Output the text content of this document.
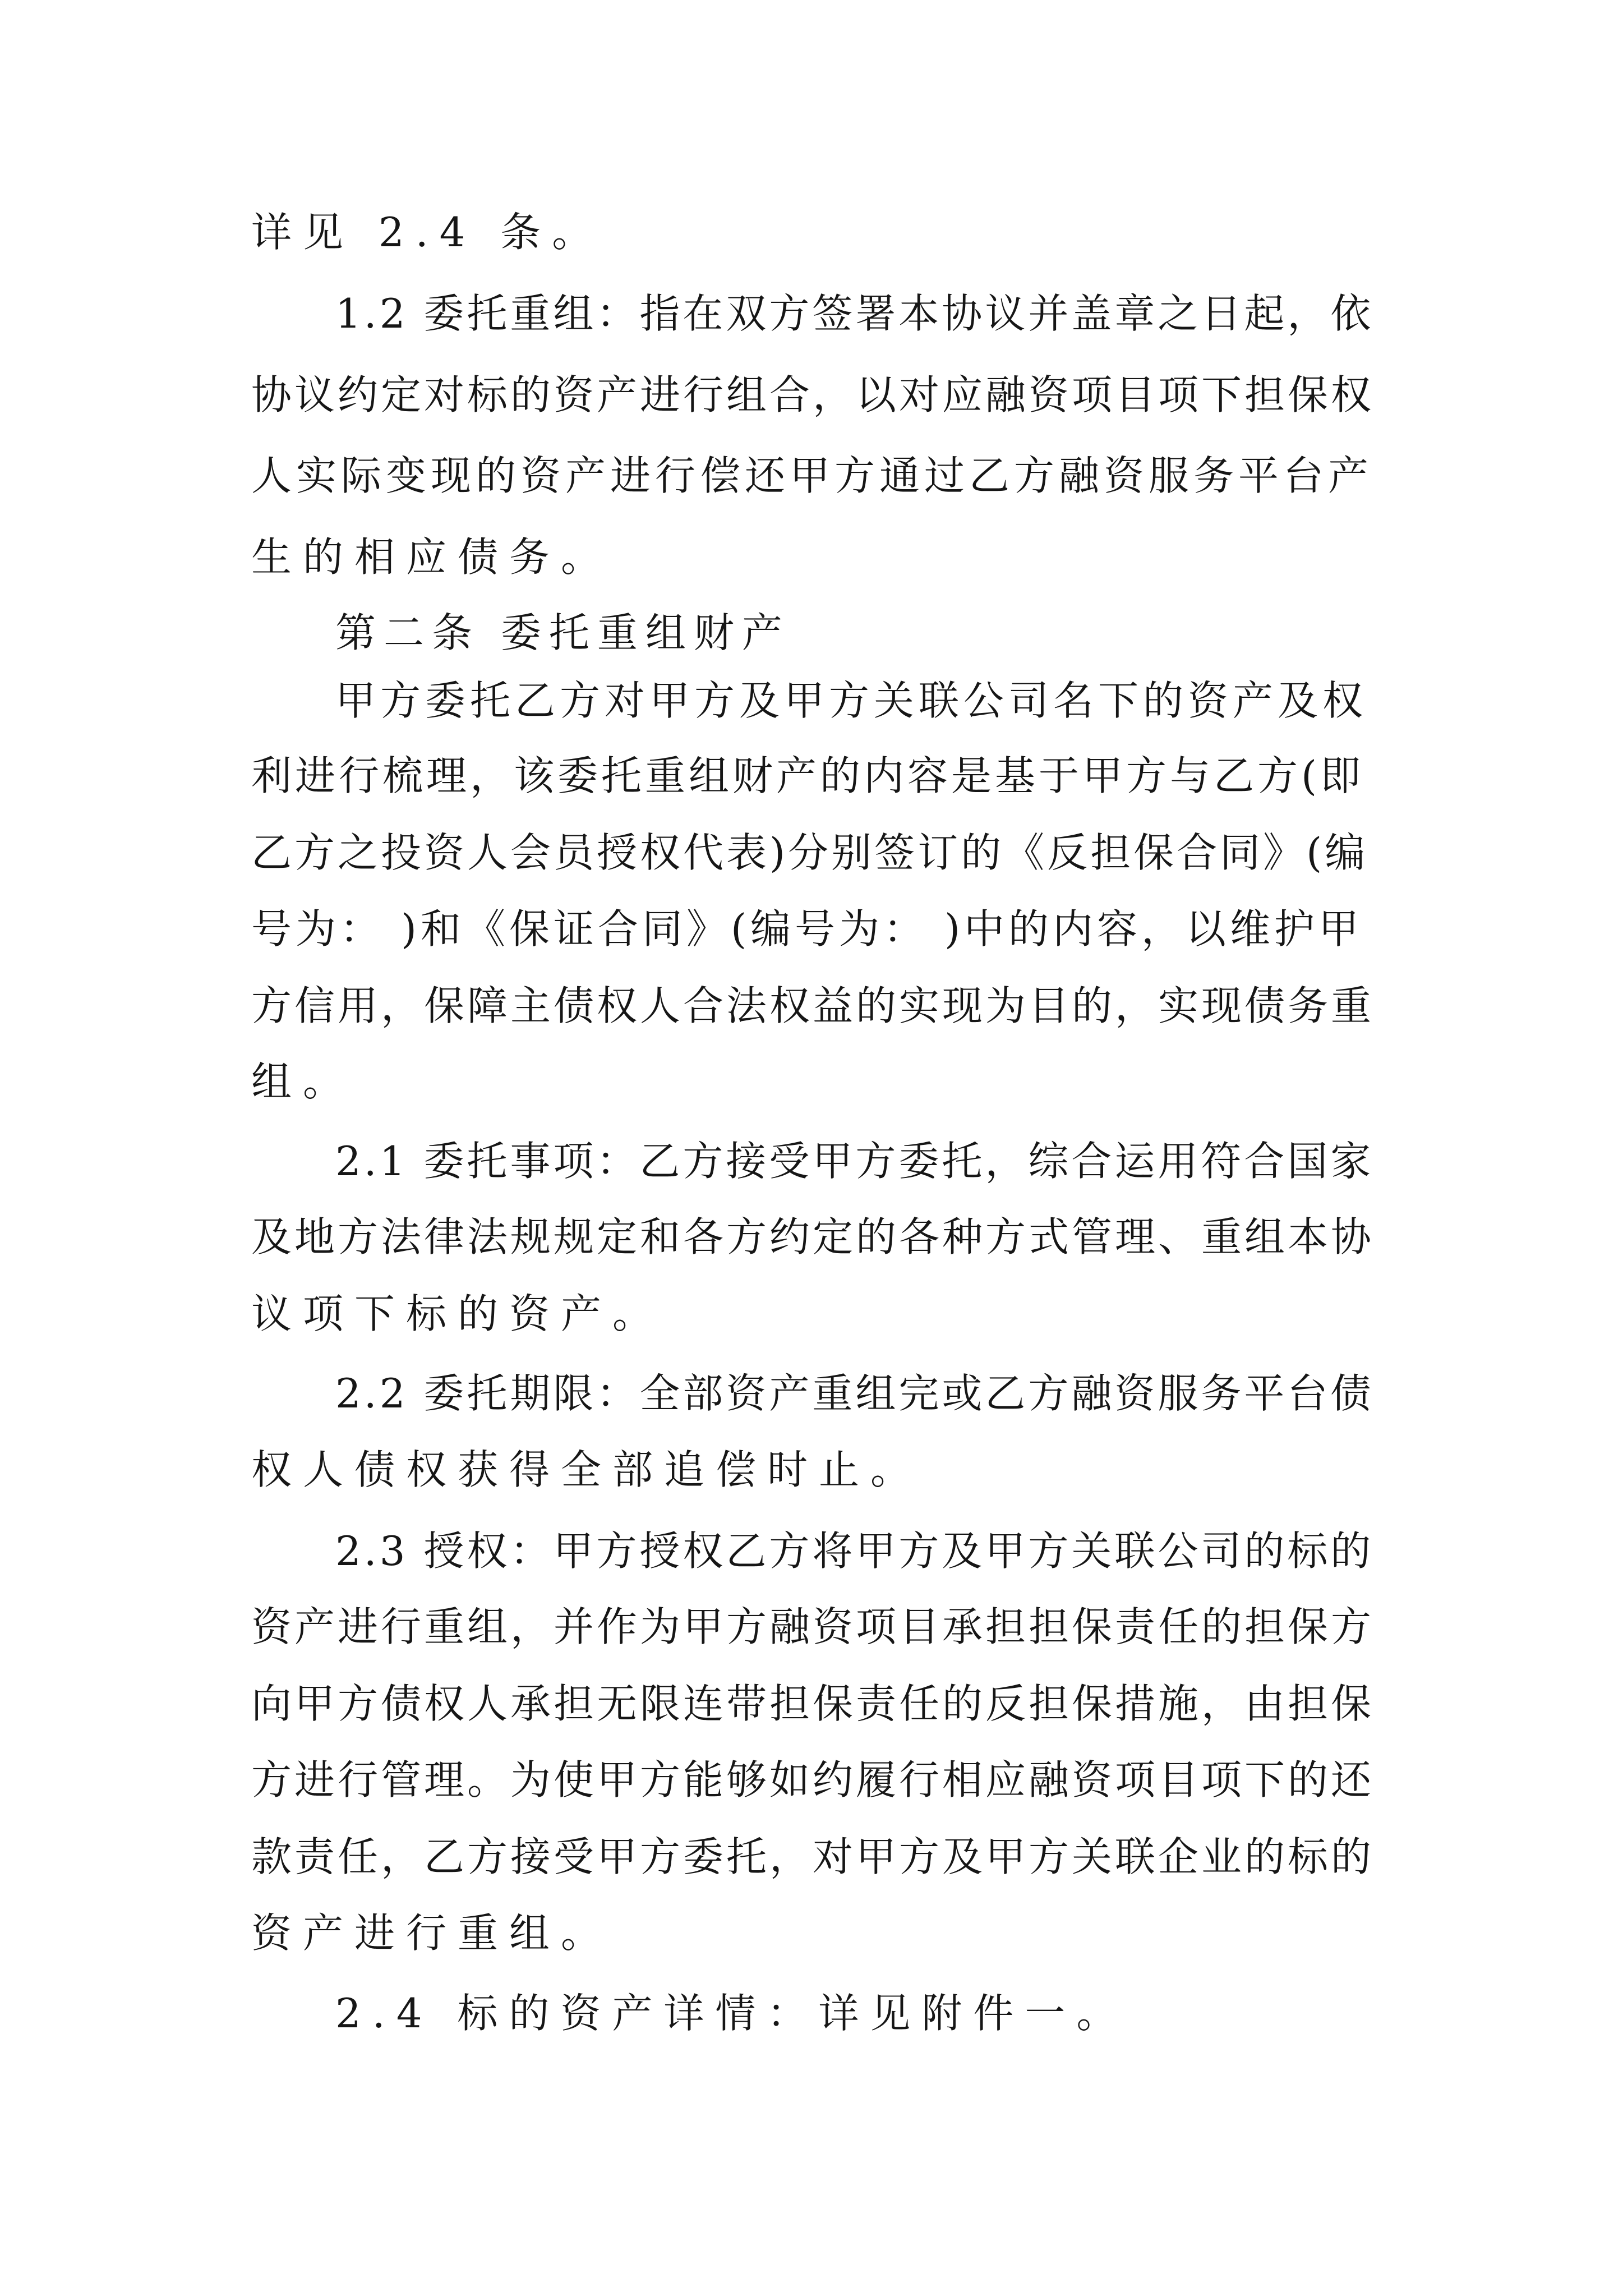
详见 2.4 条。

1.2 委托重组：指在双方签署本协议并盖章之日起，依

协议约定对标的资产进行组合，以对应融资项目项下担保权

人实际变现的资产进行偿还甲方通过乙方融资服务平台产

生的相应债务。

第二条 委托重组财产

甲方委托乙方对甲方及甲方关联公司名下的资产及权

利进行梳理，该委托重组财产的内容是基于甲方与乙方(即

乙方之投资人会员授权代表)分别签订的《反担保合同》(编

号为： )和《保证合同》(编号为： )中的内容，以维护甲

方信用，保障主债权人合法权益的实现为目的，实现债务重

组。

2.1 委托事项：乙方接受甲方委托，综合运用符合国家

及地方法律法规规定和各方约定的各种方式管理、重组本协

议项下标的资产。

2.2 委托期限：全部资产重组完或乙方融资服务平台债

权人债权获得全部追偿时止。

2.3 授权：甲方授权乙方将甲方及甲方关联公司的标的

资产进行重组，并作为甲方融资项目承担担保责任的担保方

向甲方债权人承担无限连带担保责任的反担保措施，由担保

方进行管理。为使甲方能够如约履行相应融资项目项下的还

款责任，乙方接受甲方委托，对甲方及甲方关联企业的标的

资产进行重组。

2.4 标的资产详情：详见附件一。
